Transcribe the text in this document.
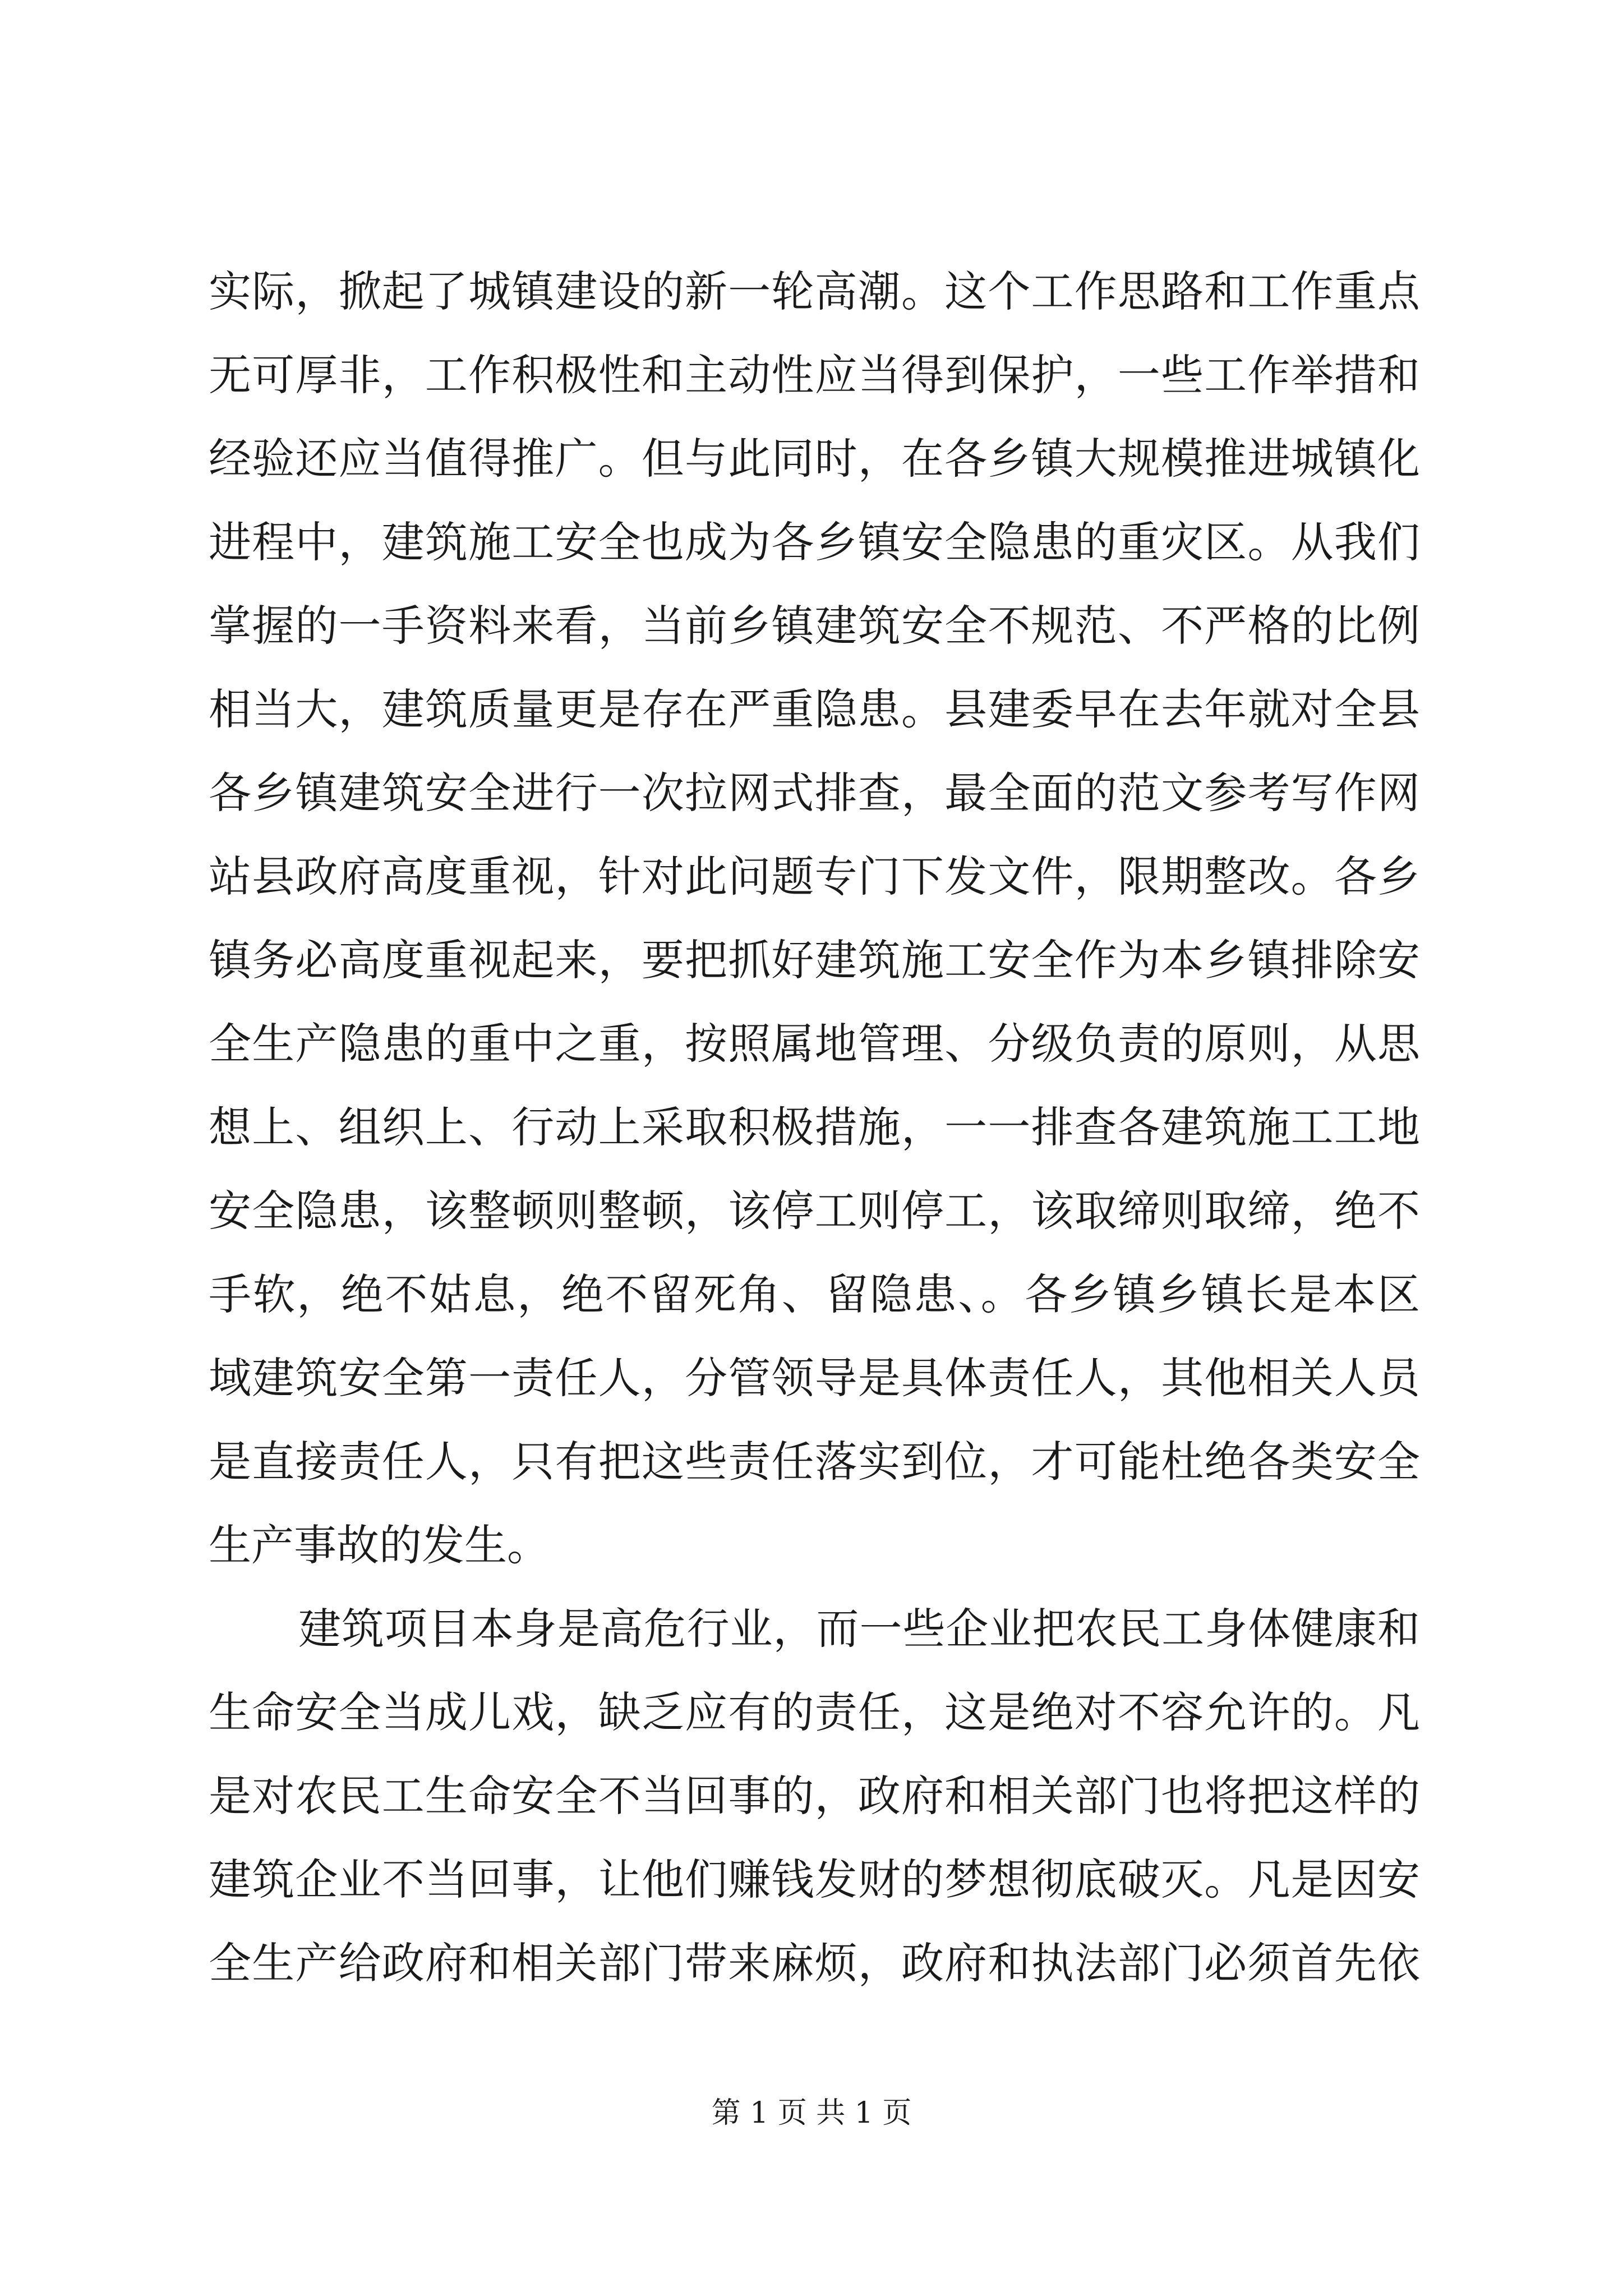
实际，掀起了城镇建设的新一轮高潮。这个工作思路和工作重点
无可厚非，工作积极性和主动性应当得到保护，一些工作举措和
经验还应当值得推广。但与此同时，在各乡镇大规模推进城镇化
进程中，建筑施工安全也成为各乡镇安全隐患的重灾区。从我们
掌握的一手资料来看，当前乡镇建筑安全不规范、不严格的比例
相当大，建筑质量更是存在严重隐患。县建委早在去年就对全县
各乡镇建筑安全进行一次拉网式排查，最全面的范文参考写作网
站县政府高度重视，针对此问题专门下发文件，限期整改。各乡
镇务必高度重视起来，要把抓好建筑施工安全作为本乡镇排除安
全生产隐患的重中之重，按照属地管理、分级负责的原则，从思
想上、组织上、行动上采取积极措施，一一排查各建筑施工工地
安全隐患，该整顿则整顿，该停工则停工，该取缔则取缔，绝不
手软，绝不姑息，绝不留死角、留隐患、。各乡镇乡镇长是本区
域建筑安全第一责任人，分管领导是具体责任人，其他相关人员
是直接责任人，只有把这些责任落实到位，才可能杜绝各类安全
生产事故的发生。
建筑项目本身是高危行业，而一些企业把农民工身体健康和
生命安全当成儿戏，缺乏应有的责任，这是绝对不容允许的。凡
是对农民工生命安全不当回事的，政府和相关部门也将把这样的
建筑企业不当回事，让他们赚钱发财的梦想彻底破灭。凡是因安
全生产给政府和相关部门带来麻烦，政府和执法部门必须首先依
第 1 页 共 1 页
